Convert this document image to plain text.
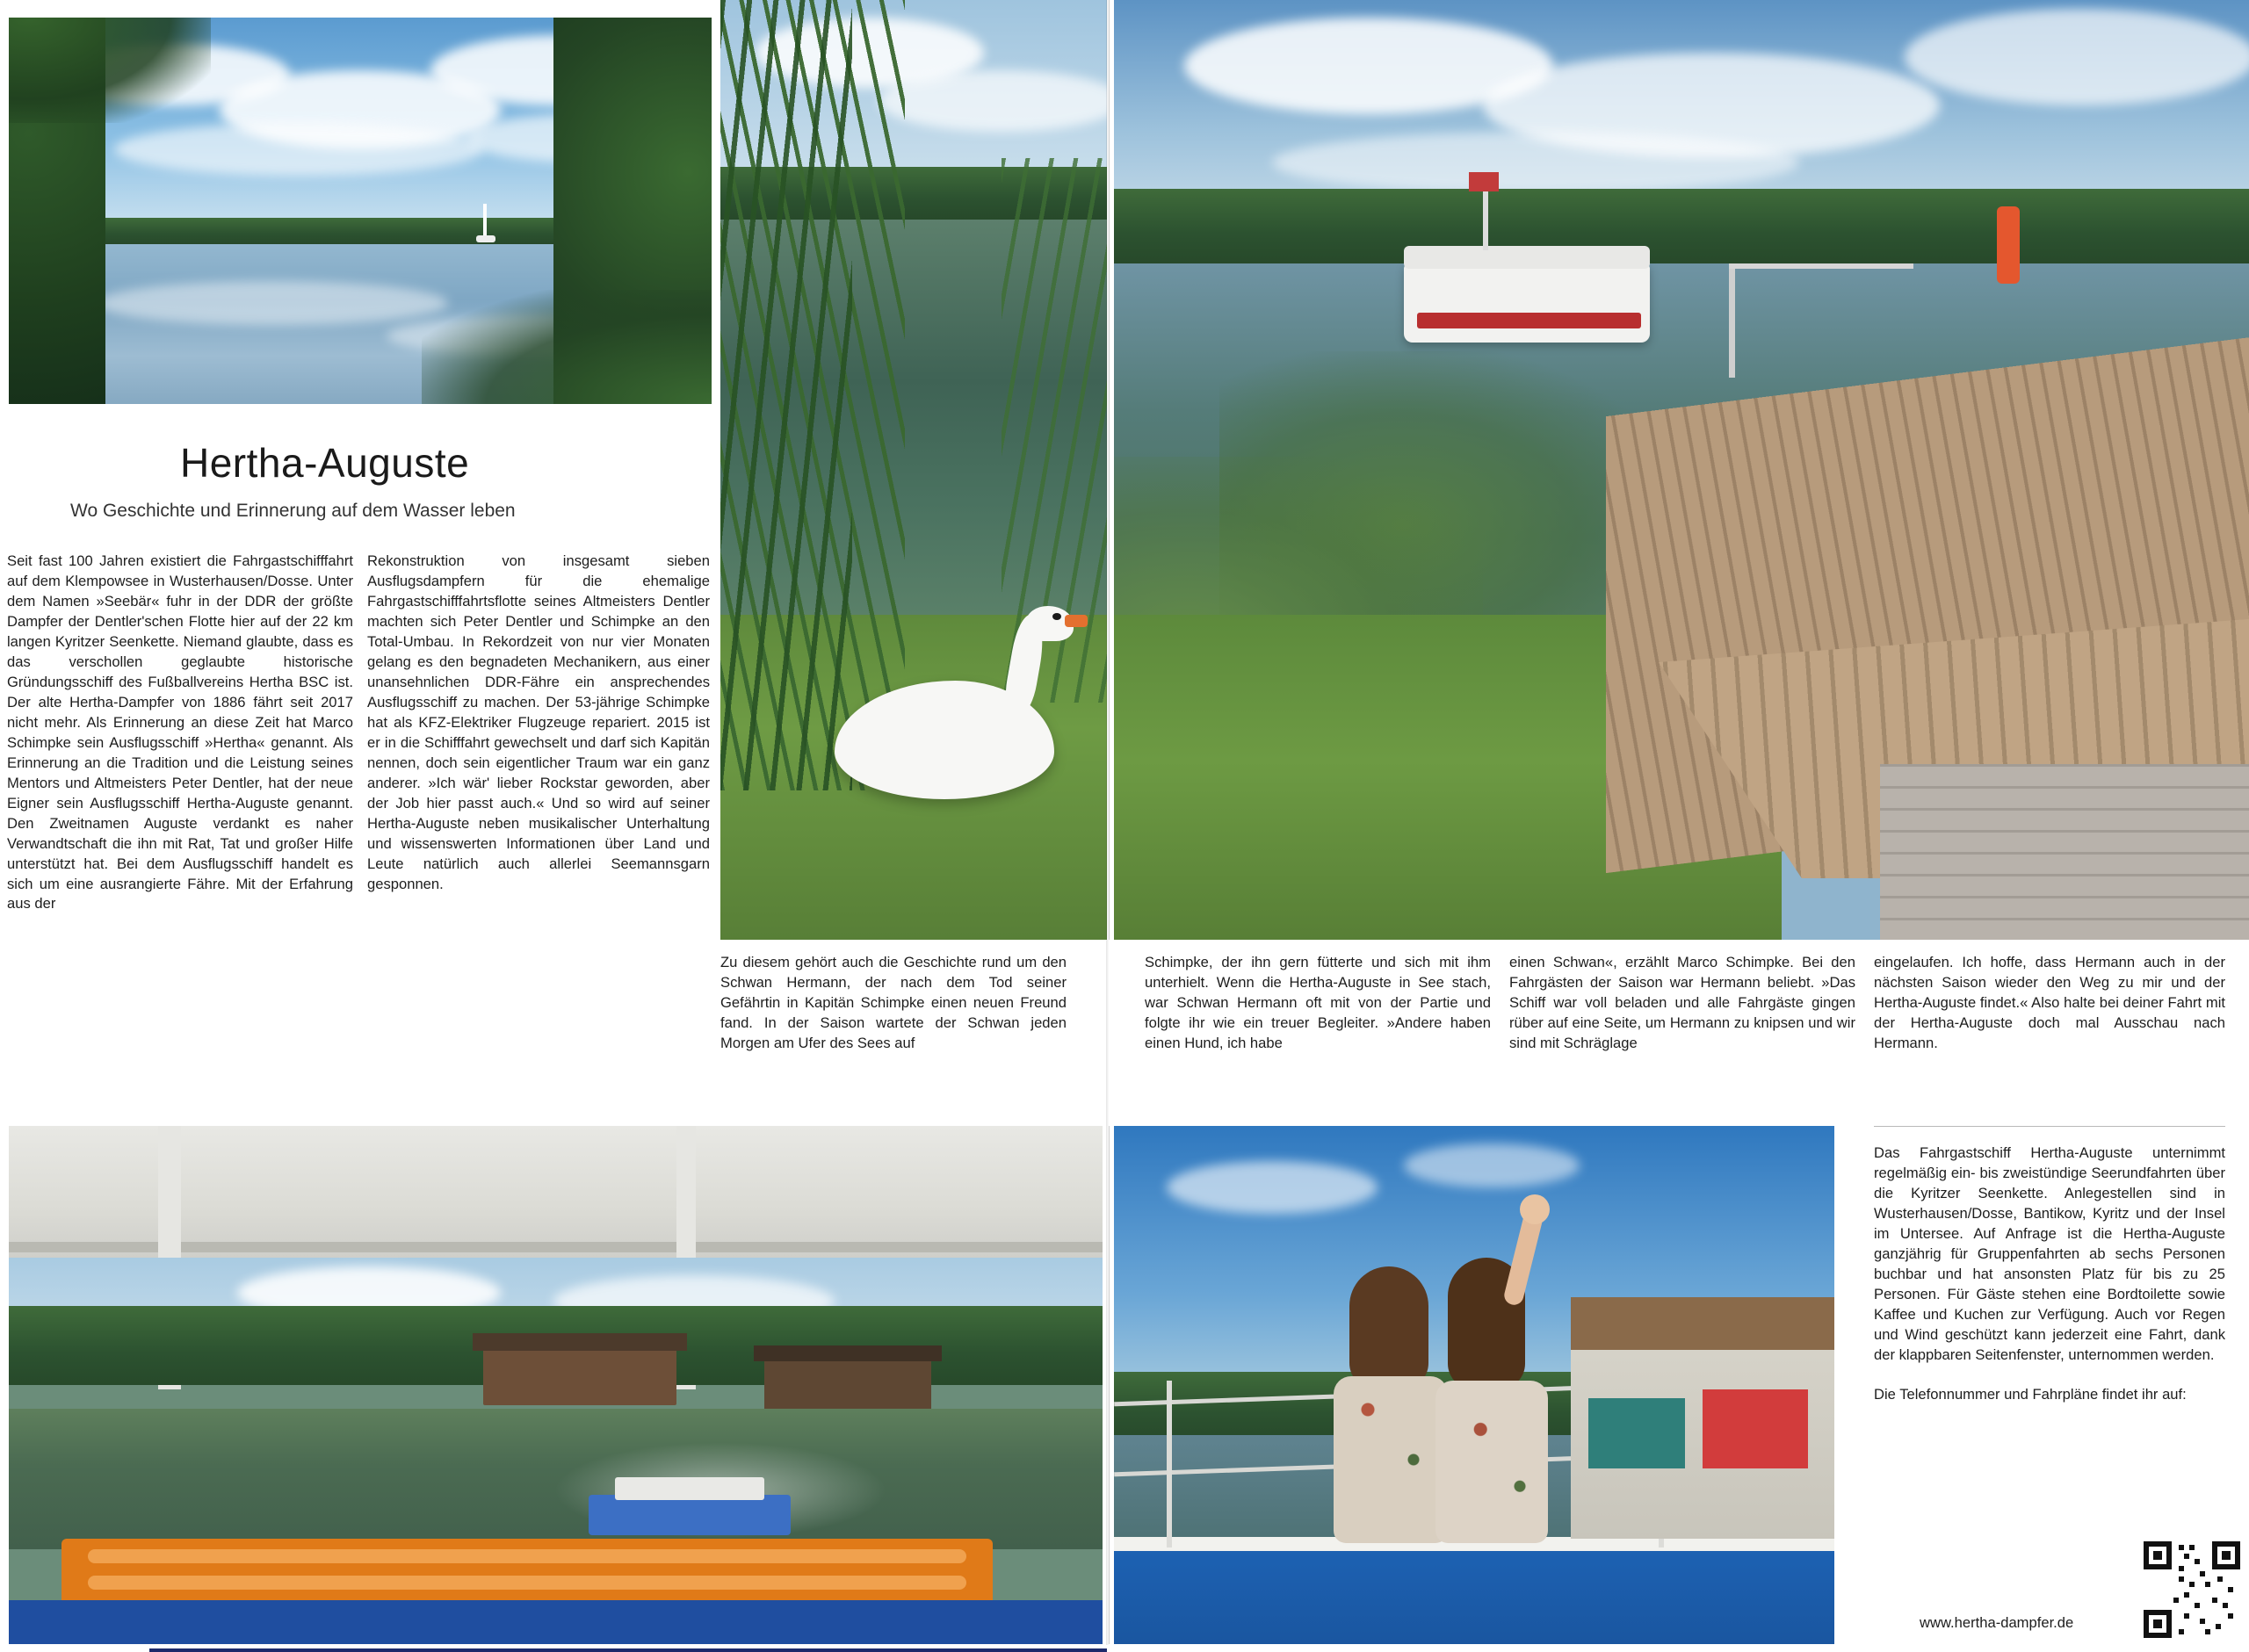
Hertha-Auguste
Wo Geschichte und Erinnerung auf dem Wasser leben

Seit fast 100 Jahren existiert die Fahrgastschifffahrt auf dem Klempowsee in Wusterhausen/Dosse. Unter dem Namen »Seebär« fuhr in der DDR der größte Dampfer der Dentler'schen Flotte hier auf der 22 km langen Kyritzer Seenkette. Niemand glaubte, dass es das verschollen geglaubte historische Gründungsschiff des Fußballvereins Hertha BSC ist. Der alte Hertha-Dampfer von 1886 fährt seit 2017 nicht mehr. Als Erinnerung an diese Zeit hat Marco Schimpke sein Ausflugsschiff »Hertha« genannt. Als Erinnerung an die Tradition und die Leistung seines Mentors und Altmeisters Peter Dentler, hat der neue Eigner sein Ausflugsschiff Hertha-Auguste genannt. Den Zweitnamen Auguste verdankt es naher Verwandtschaft die ihn mit Rat, Tat und großer Hilfe unterstützt hat. Bei dem Ausflugsschiff handelt es sich um eine ausrangierte Fähre. Mit der Erfahrung aus der

Rekonstruktion von insgesamt sieben Ausflugsdampfern für die ehemalige Fahrgastschifffahrtsflotte seines Altmeisters Dentler machten sich Peter Dentler und Schimpke an den Total-Umbau. In Rekordzeit von nur vier Monaten gelang es den begnadeten Mechanikern, aus einer unansehnlichen DDR-Fähre ein ansprechendes Ausflugsschiff zu machen. Der 53-jährige Schimpke hat als KFZ-Elektriker Flugzeuge repariert. 2015 ist er in die Schifffahrt gewechselt und darf sich Kapitän nennen, doch sein eigentlicher Traum war ein ganz anderer. »Ich wär' lieber Rockstar geworden, aber der Job hier passt auch.« Und so wird auf seiner Hertha-Auguste neben musikalischer Unterhaltung und wissenswerten Informationen über Land und Leute natürlich auch allerlei Seemannsgarn gesponnen.

Zu diesem gehört auch die Geschichte rund um den Schwan Hermann, der nach dem Tod seiner Gefährtin in Kapitän Schimpke einen neuen Freund fand. In der Saison wartete der Schwan jeden Morgen am Ufer des Sees auf

Schimpke, der ihn gern fütterte und sich mit ihm unterhielt. Wenn die Hertha-Auguste in See stach, war Schwan Hermann oft mit von der Partie und folgte ihr wie ein treuer Begleiter. »Andere haben einen Hund, ich habe

einen Schwan«, erzählt Marco Schimpke. Bei den Fahrgästen der Saison war Hermann beliebt. »Das Schiff war voll beladen und alle Fahrgäste gingen rüber auf eine Seite, um Hermann zu knipsen und wir sind mit Schräglage

eingelaufen. Ich hoffe, dass Hermann auch in der nächsten Saison wieder den Weg zu mir und der Hertha-Auguste findet.« Also halte bei deiner Fahrt mit der Hertha-Auguste doch mal Ausschau nach Hermann.

Das Fahrgastschiff Hertha-Auguste unternimmt regelmäßig ein- bis zweistündige Seerundfahrten über die Kyritzer Seenkette. Anlegestellen sind in Wusterhausen/Dosse, Bantikow, Kyritz und der Insel im Untersee. Auf Anfrage ist die Hertha-Auguste ganzjährig für Gruppenfahrten ab sechs Personen buchbar und hat ansonsten Platz für bis zu 25 Personen. Für Gäste stehen eine Bordtoilette sowie Kaffee und Kuchen zur Verfügung. Auch vor Regen und Wind geschützt kann jederzeit eine Fahrt, dank der klappbaren Seitenfenster, unternommen werden.

Die Telefonnummer und Fahrpläne findet ihr auf:

www.hertha-dampfer.de
